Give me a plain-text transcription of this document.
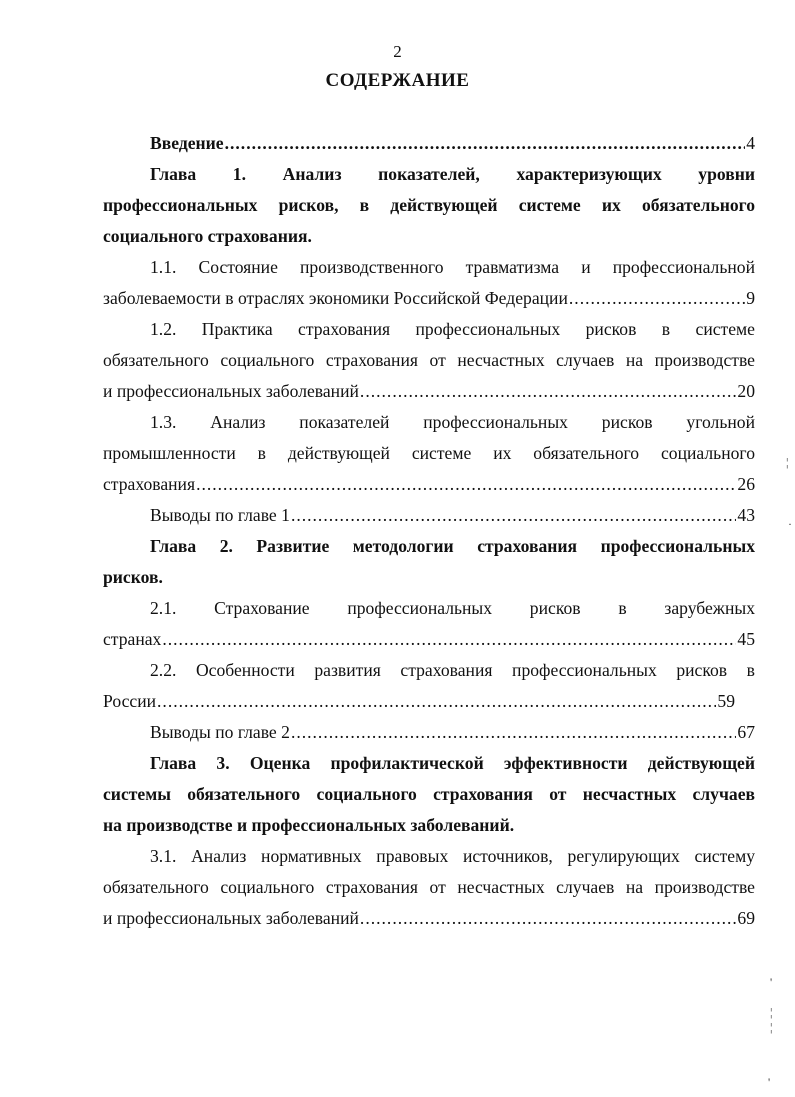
2
СОДЕРЖАНИЕ
Введение .....	4
Глава 1. Анализ показателей, характеризующих уровни
профессиональных рисков, в действующей системе их обязательного
социального страхования.
1.1. Состояние производственного травматизма и профессиональной
заболеваемости в отраслях экономики Российской Федерации .....	9
1.2. Практика страхования профессиональных рисков в системе
обязательного социального страхования от несчастных случаев на производстве
и профессиональных заболеваний .....	20
1.3. Анализ показателей профессиональных рисков угольной
промышленности в действующей системе их обязательного социального
страхования .....	26
Выводы по главе 1 .....	43
Глава 2. Развитие методологии страхования профессиональных
рисков.
2.1. Страхование профессиональных рисков в зарубежных
странах .....	45
2.2. Особенности развития страхования профессиональных рисков в
России .....	59
Выводы по главе 2 .....	67
Глава 3. Оценка профилактической эффективности действующей
системы обязательного социального страхования от несчастных случаев
на производстве и профессиональных заболеваний.
3.1. Анализ нормативных правовых источников, регулирующих систему
обязательного социального страхования от несчастных случаев на производстве
и профессиональных заболеваний .....	69
¦
·
'
¦
¦
'
